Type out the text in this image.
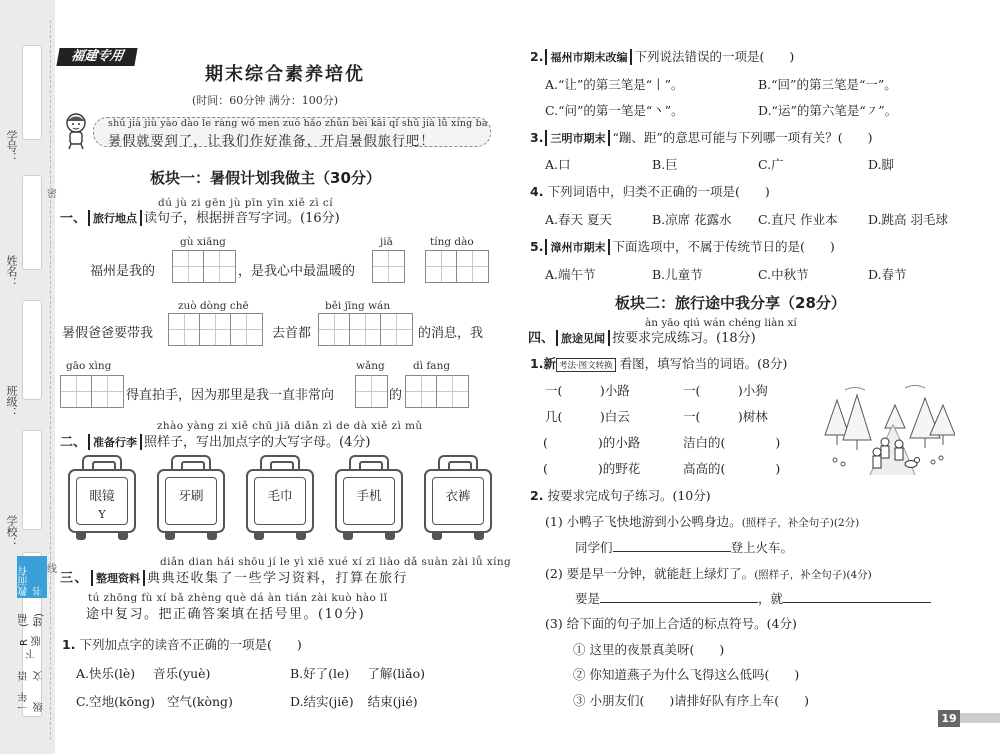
学号：
姓名：
班级：
学校：
密
线
一年级
语文
下
R版
(福建)
教而有书
福建专用
期末综合素养培优
(时间：60分钟 满分：100分)
shǔ jià jiù yào dào le ràng wǒ men zuò hǎo zhǔn bèi kāi qǐ shǔ jià lǚ xíng ba
暑假就要到了，让我们作好准备，开启暑假旅行吧！
板块一：暑假计划我做主（30分）
dú jù zi gēn jù pīn yīn xiě zì cí
一、 旅行地点 读句子，根据拼音写字词。(16分)
gù xiāng	jiā	tíng dào
福州是我的	，是我心中最温暖的
zuò dòng chē	běi jīng wán
暑假爸爸要带我	去首都	的消息，我
gāo xìng	wǎng	dì fang
得直拍手，因为那里是我一直非常向	的
zhào yàng zi xiě chū jiā diǎn zì de dà xiě zì mǔ
二、 准备行李 照样子，写出加点字的大写字母。(4分)
眼镜
Y
牙刷	毛巾	手机	衣裤
diǎn dian hái shōu jí le yì xiē xué xí zī liào dǎ suàn zài lǚ xíng
三、 整理资料 典典还收集了一些学习资料，打算在旅行
tú zhōng fù xí bǎ zhèng què dá àn tián zài kuò hào lǐ
途中复习。把正确答案填在括号里。(10分)
1. 下列加点字的读音不正确的一项是(　　)
A.快乐(lè) 音乐(yuè)	B.好了(le) 了解(liǎo)
C.空地(kōng) 空气(kòng)	D.结实(jiē) 结束(jié)
2. 福州市期末改编 下列说法错误的一项是(　　)
A.“让”的第三笔是“丨”。	B.“回”的第三笔是“一”。
C.“问”的第一笔是“丶”。	D.“运”的第六笔是“㇇”。
3. 三明市期末 “蹦、距”的意思可能与下列哪一项有关？(　　)
A.口	B.巨	C.广	D.脚
4. 下列词语中，归类不正确的一项是(　　)
A.春天 夏天	B.凉席 花露水 C.直尺 作业本 D.跳高 羽毛球
5. 漳州市期末 下面选项中，不属于传统节日的是(　　)
A.端午节	B.儿童节	C.中秋节	D.春节
板块二：旅行途中我分享（28分）
àn yāo qiú wán chéng liàn xí
四、 旅途见闻 按要求完成练习。(18分)
1.新 考法·图文转换 看图，填写恰当的词语。(8分)
一(　　　)小路	一(　　　)小狗
几(　　　)白云	一(　　　)树林
(　　　　)的小路	洁白的(　　　　)
(　　　　)的野花	高高的(　　　　)
2. 按要求完成句子练习。(10分)
(1) 小鸭子飞快地游到小公鸭身边。(照样子，补全句子)(2分)
同学们	登上火车。
(2) 要是早一分钟，就能赶上绿灯了。(照样子，补全句子)(4分)
要是	，就
(3) 给下面的句子加上合适的标点符号。(4分)
① 这里的夜景真美呀(　　)
② 你知道燕子为什么飞得这么低吗(　　)
③ 小朋友们(　　)请排好队有序上车(　　)
19
